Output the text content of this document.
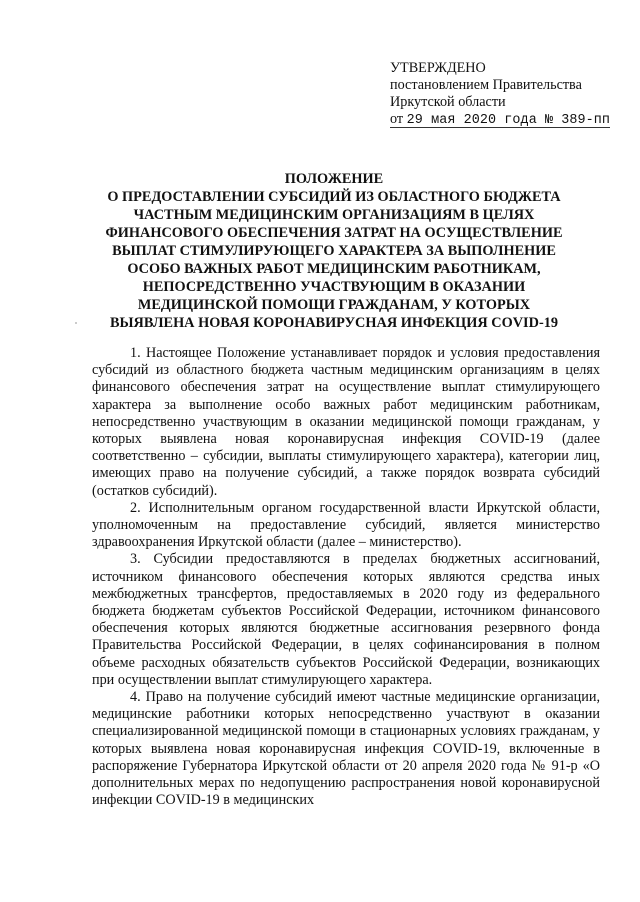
УТВЕРЖДЕНО
постановлением Правительства
Иркутской области
от 29 мая 2020 года № 389-пп
ПОЛОЖЕНИЕ
О ПРЕДОСТАВЛЕНИИ СУБСИДИЙ ИЗ ОБЛАСТНОГО БЮДЖЕТА
ЧАСТНЫМ МЕДИЦИНСКИМ ОРГАНИЗАЦИЯМ В ЦЕЛЯХ
ФИНАНСОВОГО ОБЕСПЕЧЕНИЯ ЗАТРАТ НА ОСУЩЕСТВЛЕНИЕ
ВЫПЛАТ СТИМУЛИРУЮЩЕГО ХАРАКТЕРА ЗА ВЫПОЛНЕНИЕ
ОСОБО ВАЖНЫХ РАБОТ МЕДИЦИНСКИМ РАБОТНИКАМ,
НЕПОСРЕДСТВЕННО УЧАСТВУЮЩИМ В ОКАЗАНИИ
МЕДИЦИНСКОЙ ПОМОЩИ ГРАЖДАНАМ, У КОТОРЫХ
ВЫЯВЛЕНА НОВАЯ КОРОНАВИРУСНАЯ ИНФЕКЦИЯ COVID-19

1. Настоящее Положение устанавливает порядок и условия предоставления субсидий из областного бюджета частным медицинским организациям в целях финансового обеспечения затрат на осуществление выплат стимулирующего характера за выполнение особо важных работ медицинским работникам, непосредственно участвующим в оказании медицинской помощи гражданам, у которых выявлена новая коронавирусная инфекция COVID-19 (далее соответственно – субсидии, выплаты стимулирующего характера), категории лиц, имеющих право на получение субсидий, а также порядок возврата субсидий (остатков субсидий).

2. Исполнительным органом государственной власти Иркутской области, уполномоченным на предоставление субсидий, является министерство здравоохранения Иркутской области (далее – министерство).

3. Субсидии предоставляются в пределах бюджетных ассигнований, источником финансового обеспечения которых являются средства иных межбюджетных трансфертов, предоставляемых в 2020 году из федерального бюджета бюджетам субъектов Российской Федерации, источником финансового обеспечения которых являются бюджетные ассигнования резервного фонда Правительства Российской Федерации, в целях софинансирования в полном объеме расходных обязательств субъектов Российской Федерации, возникающих при осуществлении выплат стимулирующего характера.

4. Право на получение субсидий имеют частные медицинские организации, медицинские работники которых непосредственно участвуют в оказании специализированной медицинской помощи в стационарных условиях гражданам, у которых выявлена новая коронавирусная инфекция COVID-19, включенные в распоряжение Губернатора Иркутской области от 20 апреля 2020 года № 91-р «О дополнительных мерах по недопущению распространения новой коронавирусной инфекции COVID-19 в медицинских
